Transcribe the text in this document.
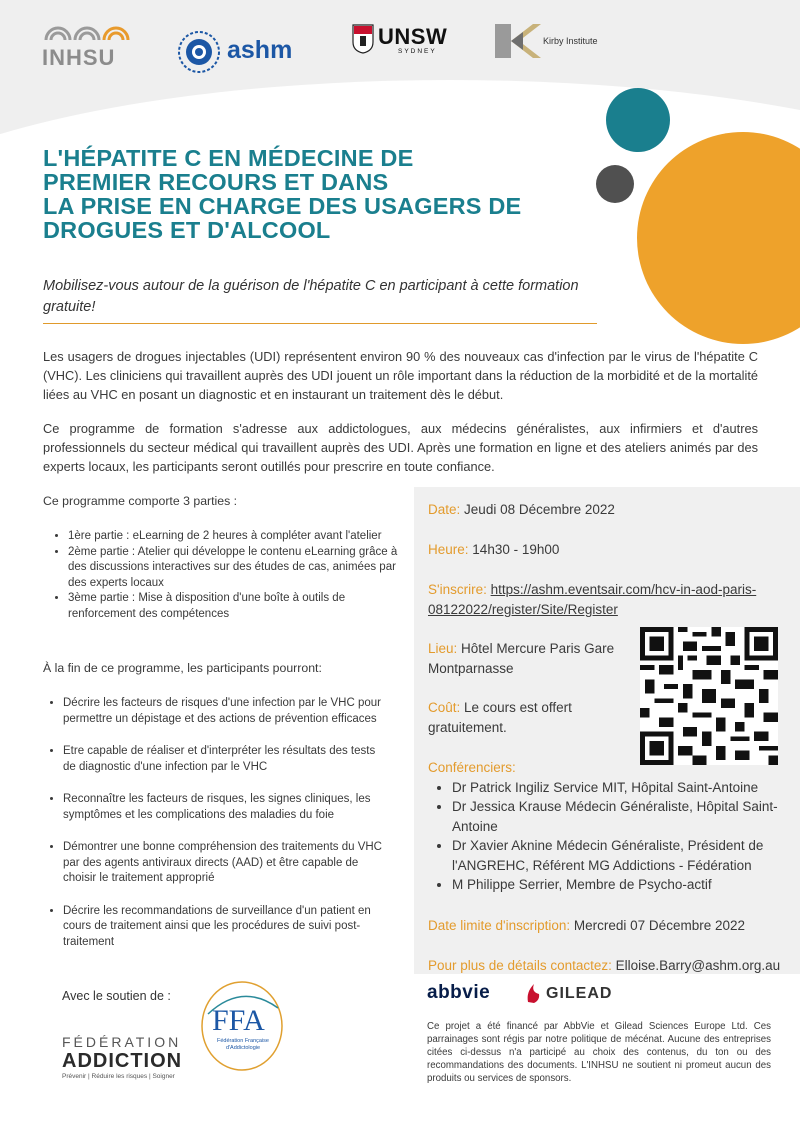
INHSU	ashm	UNSW
SYDNEY
Kirby Institute
L'HÉPATITE C EN MÉDECINE DE
PREMIER RECOURS ET DANS
LA PRISE EN CHARGE DES USAGERS DE
DROGUES ET D'ALCOOL
Mobilisez-vous autour de la guérison de l'hépatite C en participant à cette formation gratuite!
Les usagers de drogues injectables (UDI) représentent environ 90 % des nouveaux cas d'infection par le virus de l'hépatite C (VHC). Les cliniciens qui travaillent auprès des UDI jouent un rôle important dans la réduction de la morbidité et de la mortalité liées au VHC en posant un diagnostic et en instaurant un traitement dès le début.
Ce programme de formation s'adresse aux addictologues, aux médecins généralistes, aux infirmiers et d'autres professionnels du secteur médical qui travaillent auprès des UDI. Après une formation en ligne et des ateliers animés par des experts locaux, les participants seront outillés pour prescrire en toute confiance.
Ce programme comporte 3 parties :
• 1ère partie : eLearning de 2 heures à compléter avant l'atelier
• 2ème partie : Atelier qui développe le contenu eLearning grâce à des discussions interactives sur des études de cas, animées par des experts locaux
• 3ème partie : Mise à disposition d'une boîte à outils de renforcement des compétences
À la fin de ce programme, les participants pourront:
• Décrire les facteurs de risques d'une infection par le VHC pour permettre un dépistage et des actions de prévention efficaces
• Etre capable de réaliser et d'interpréter les résultats des tests de diagnostic d'une infection par le VHC
• Reconnaître les facteurs de risques, les signes cliniques, les symptômes et les complications des maladies du foie
• Démontrer une bonne compréhension des traitements du VHC par des agents antiviraux directs (AAD) et être capable de choisir le traitement approprié
• Décrire les recommandations de surveillance d'un patient en cours de traitement ainsi que les procédures de suivi post-traitement
Date: Jeudi 08 Décembre 2022
Heure: 14h30 - 19h00
S'inscrire: https://ashm.eventsair.com/hcv-in-aod-paris-
08122022/register/Site/Register
Lieu: Hôtel Mercure Paris Gare
Montparnasse
Coût: Le cours est offert
gratuitement.
Conférenciers:
• Dr Patrick Ingiliz Service MIT, Hôpital Saint-Antoine
• Dr Jessica Krause Médecin Généraliste, Hôpital Saint-Antoine
• Dr Xavier Aknine Médecin Généraliste, Président de l'ANGREHC, Référent MG Addictions - Fédération
• M Philippe Serrier, Membre de Psycho-actif
Date limite d'inscription: Mercredi 07 Décembre 2022
Pour plus de détails contactez: Elloise.Barry@ashm.org.au
abbvie	GILEAD
Ce projet a été financé par AbbVie et Gilead Sciences Europe Ltd. Ces parrainages sont régis par notre politique de mécénat. Aucune des entreprises citées ci-dessus n'a participé au choix des contenus, du ton ou des recommandations des documents. L'INHSU ne soutient ni promeut aucun des produits ou services de sponsors.
Avec le soutien de :
FFA
Fédération Française d'Addictologie
FÉDÉRATION
ADDICTION
Prévenir | Réduire les risques | Soigner
